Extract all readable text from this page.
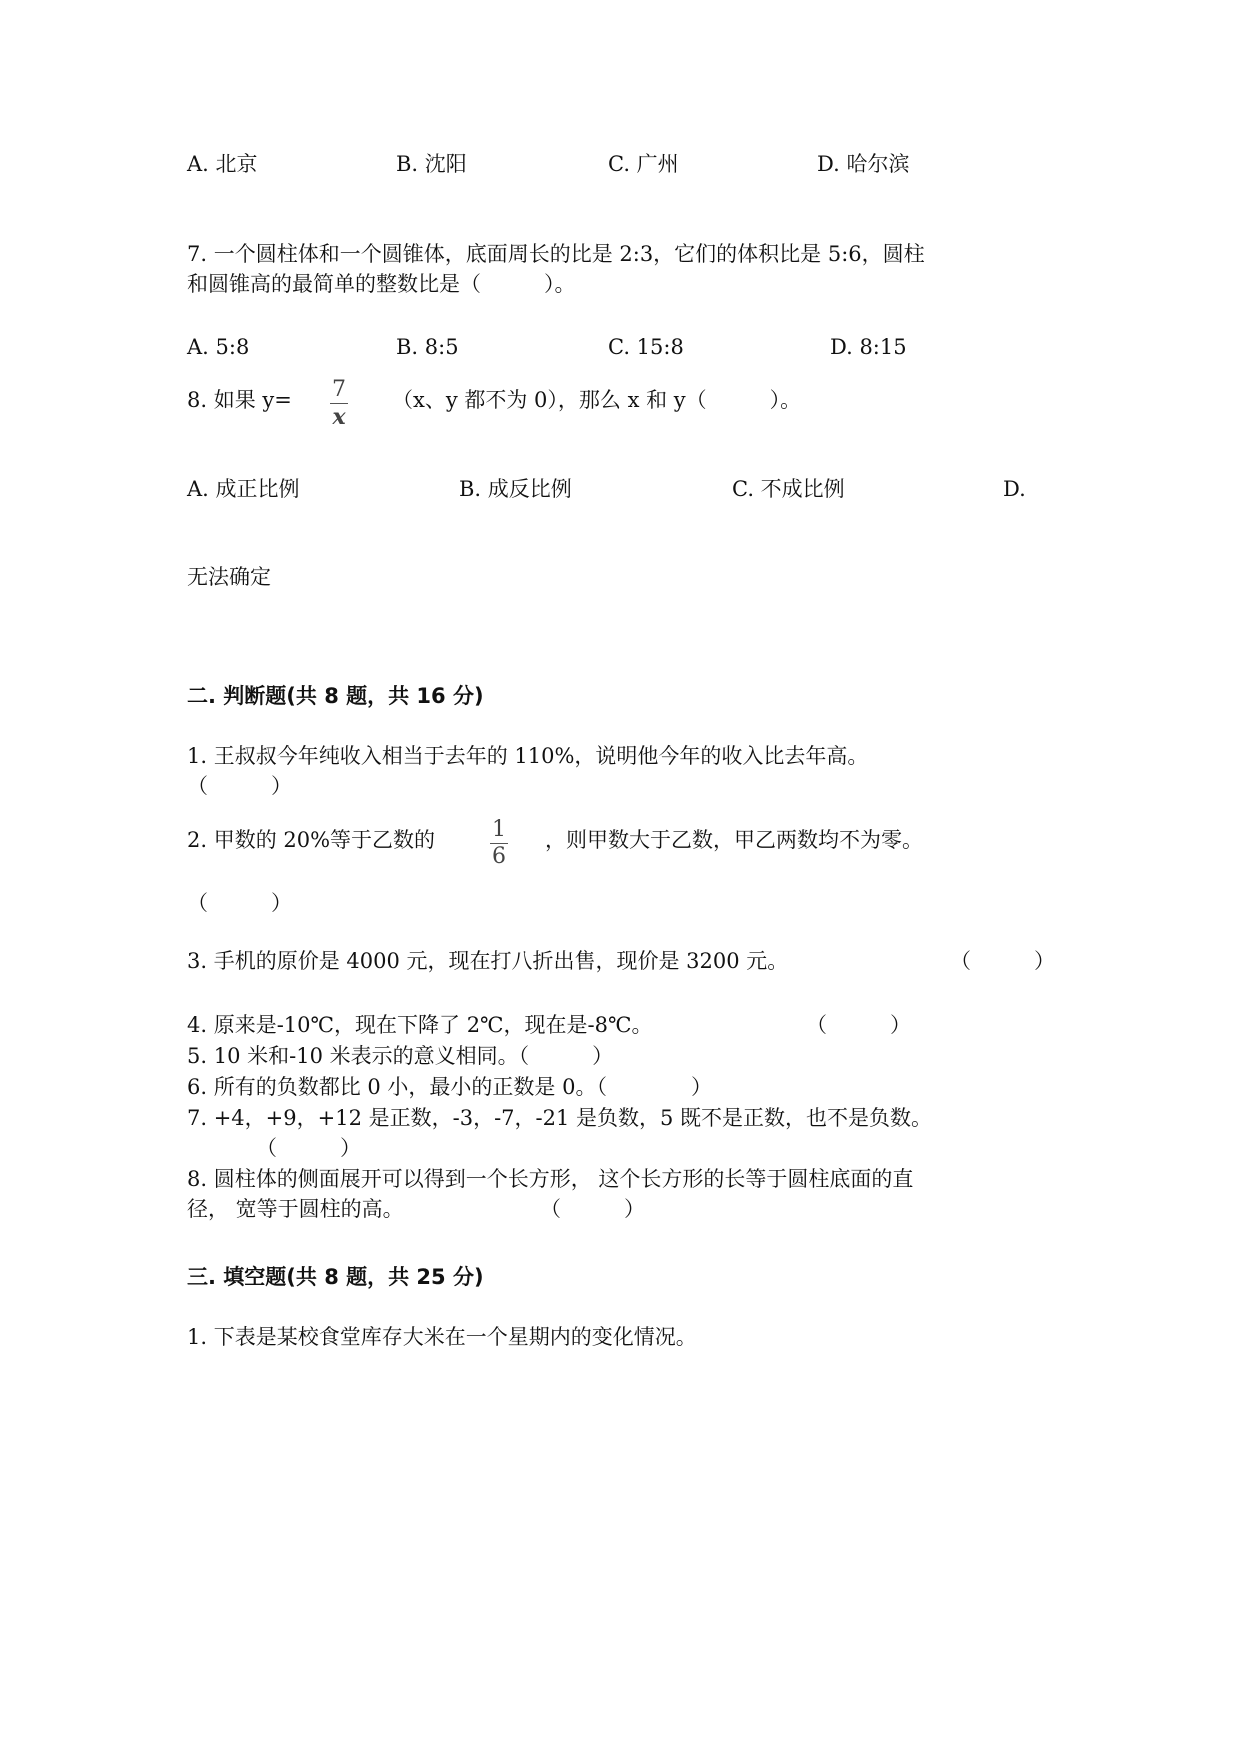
A. 北京	B. 沈阳	C. 广州	D. 哈尔滨
7. 一个圆柱体和一个圆锥体，底面周长的比是 2:3，它们的体积比是 5:6，圆柱
和圆锥高的最简单的整数比是（　　　）。
A. 5:8	B. 8:5	C. 15:8	D. 8:15
8. 如果 y= 7
x
（x、y 都不为 0），那么 x 和 y（　　　）。
A. 成正比例	B. 成反比例	C. 不成比例	D.
无法确定
二. 判断题(共 8 题，共 16 分)
1. 王叔叔今年纯收入相当于去年的 110%，说明他今年的收入比去年高。
（　　　）
2. 甲数的 20%等于乙数的	1
6
，则甲数大于乙数，甲乙两数均不为零。
（　　　）
3. 手机的原价是 4000 元，现在打八折出售，现价是 3200 元。	（　　　）
4. 原来是-10℃，现在下降了 2℃，现在是-8℃。	（　　　）
5. 10 米和-10 米表示的意义相同。（　　　）
6. 所有的负数都比 0 小，最小的正数是 0。（　　　　）
7. +4，+9，+12 是正数，-3，-7，-21 是负数，5 既不是正数，也不是负数。
（　　　）
8. 圆柱体的侧面展开可以得到一个长方形， 这个长方形的长等于圆柱底面的直
径， 宽等于圆柱的高。	（　　　）
三. 填空题(共 8 题，共 25 分)
1. 下表是某校食堂库存大米在一个星期内的变化情况。
